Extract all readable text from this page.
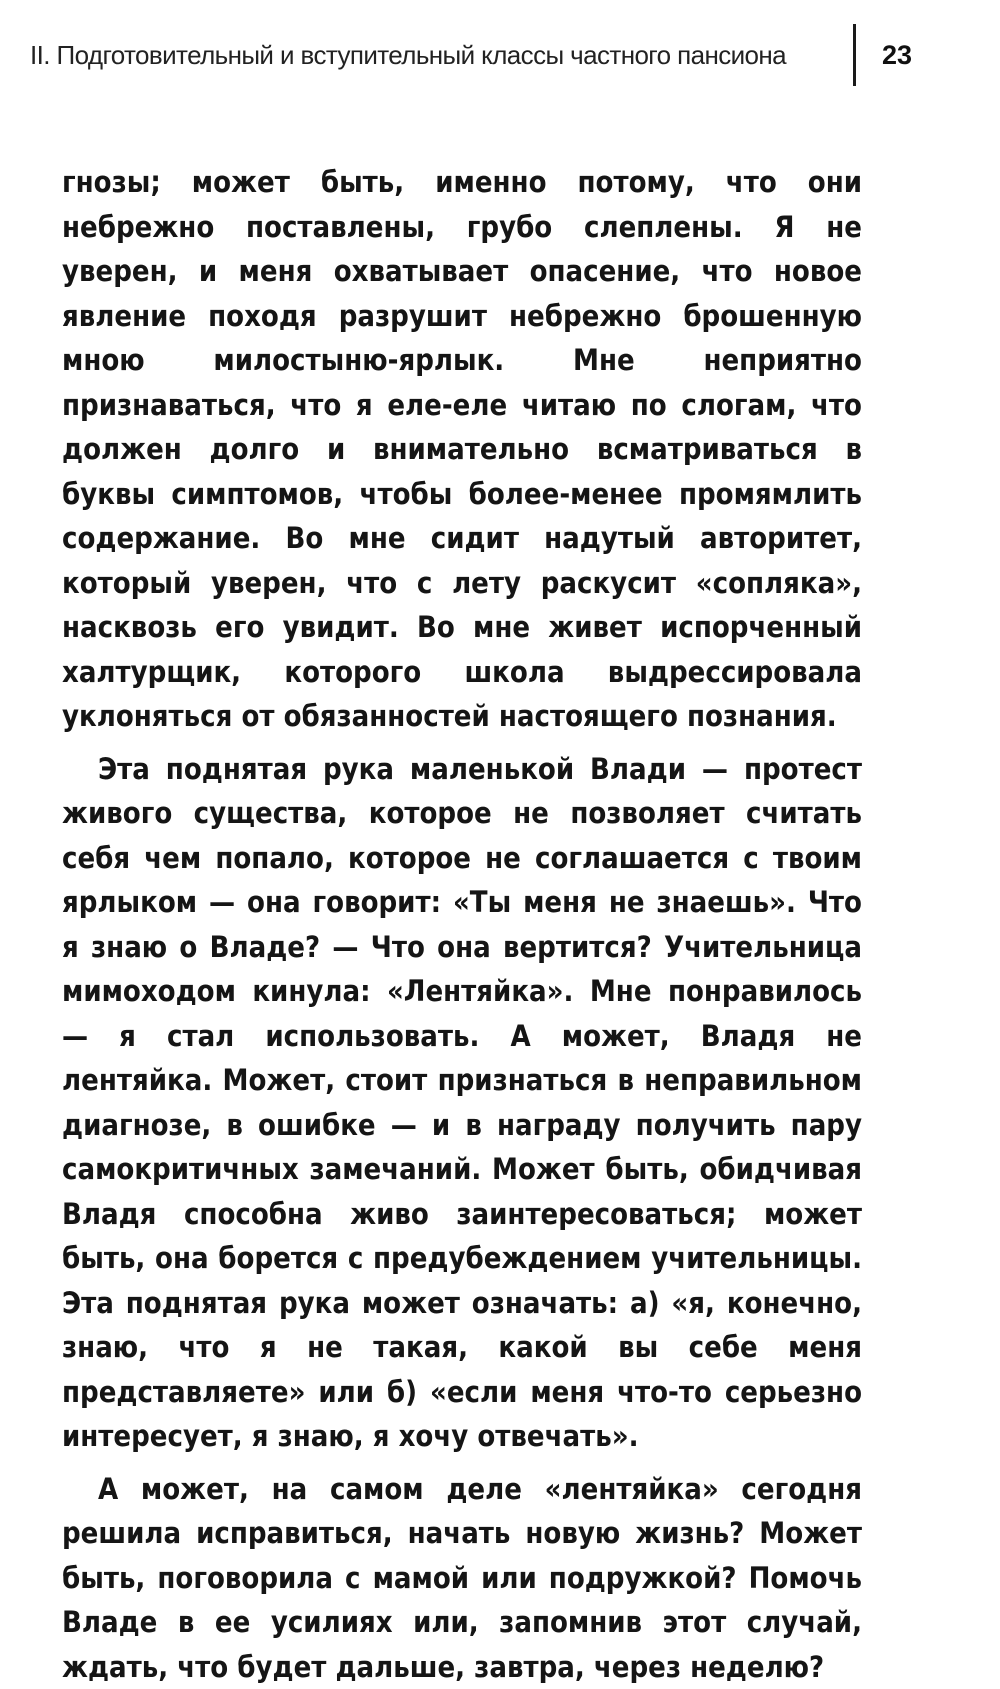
II. Подготовительный и вступительный классы частного пансиона	23

гнозы; может быть, именно потому, что они небрежно поставлены, грубо слеплены. Я не уверен, и меня охватывает опасение, что новое явление походя разрушит небрежно брошенную мною милостыню-ярлык. Мне неприятно признаваться, что я еле-еле читаю по слогам, что должен долго и внимательно всматриваться в буквы симптомов, чтобы более-менее промямлить содержание. Во мне сидит надутый авторитет, который уверен, что с лету раскусит «сопляка», насквозь его увидит. Во мне живет испорченный халтурщик, которого школа выдрессировала уклоняться от обязанностей настоящего познания.

Эта поднятая рука маленькой Влади — протест живого существа, которое не позволяет считать себя чем попало, которое не соглашается с твоим ярлыком — она говорит: «Ты меня не знаешь». Что я знаю о Владе? — Что она вертится? Учительница мимоходом кинула: «Лентяйка». Мне понравилось — я стал использовать. А может, Владя не лентяйка. Может, стоит признаться в неправильном диагнозе, в ошибке — и в награду получить пару самокритичных замечаний. Может быть, обидчивая Владя способна живо заинтересоваться; может быть, она борется с предубеждением учительницы. Эта поднятая рука может означать: а) «я, конечно, знаю, что я не такая, какой вы себе меня представляете» или б) «если меня что-то серьезно интересует, я знаю, я хочу отвечать».

А может, на самом деле «лентяйка» сегодня решила исправиться, начать новую жизнь? Может быть, поговорила с мамой или подружкой? Помочь Владе в ее усилиях или, запомнив этот случай, ждать, что будет дальше, завтра, через неделю?
